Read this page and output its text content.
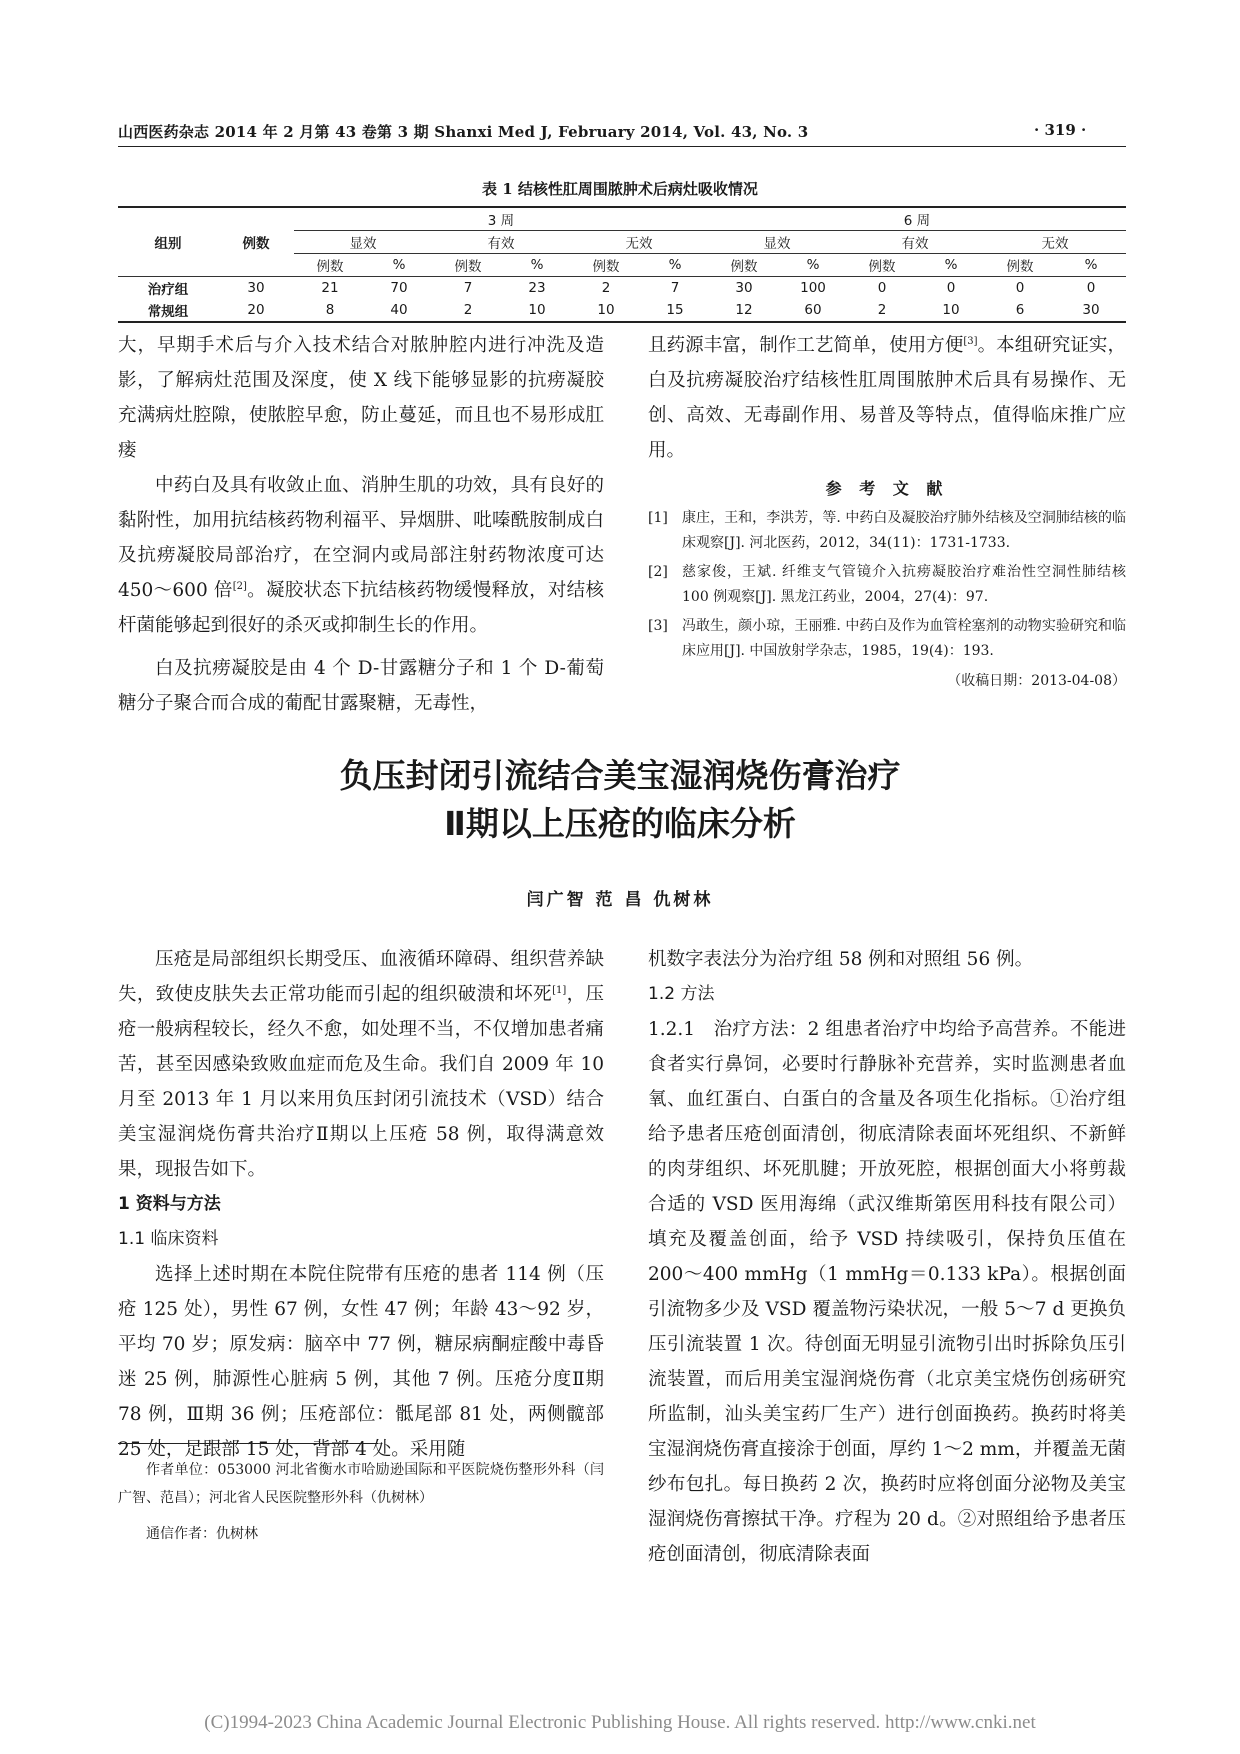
山西医药杂志 2014 年 2 月第 43 卷第 3 期 Shanxi Med J, February 2014, Vol. 43, No. 3	· 319 ·
表 1 结核性肛周围脓肿术后病灶吸收情况
组别	例数	3 周						6 周					
		显效		有效		无效		显效		有效		无效	
		例数	%	例数	%	例数	%	例数	%	例数	%	例数	%
治疗组	30	21	70	7	23	2	7	30	100	0	0	0	0
常规组	20	8	40	2	10	10	15	12	60	2	10	6	30

大，早期手术后与介入技术结合对脓肿腔内进行冲洗及造影，了解病灶范围及深度，使 X 线下能够显影的抗痨凝胶充满病灶腔隙，使脓腔早愈，防止蔓延，而且也不易形成肛瘘

中药白及具有收敛止血、消肿生肌的功效，具有良好的黏附性，加用抗结核药物利福平、异烟肼、吡嗪酰胺制成白及抗痨凝胶局部治疗，在空洞内或局部注射药物浓度可达 450～600 倍[2]。凝胶状态下抗结核药物缓慢释放，对结核杆菌能够起到很好的杀灭或抑制生长的作用。

白及抗痨凝胶是由 4 个 D-甘露糖分子和 1 个 D-葡萄糖分子聚合而合成的葡配甘露聚糖，无毒性，

且药源丰富，制作工艺简单，使用方便[3]。本组研究证实，白及抗痨凝胶治疗结核性肛周围脓肿术后具有易操作、无创、高效、无毒副作用、易普及等特点，值得临床推广应用。

参 考 文 献
[1] 康庄，王和，李洪芳，等. 中药白及凝胶治疗肺外结核及空洞肺结核的临床观察[J]. 河北医药，2012，34(11)：1731-1733.
[2] 慈家俊，王斌. 纤维支气管镜介入抗痨凝胶治疗难治性空洞性肺结核 100 例观察[J]. 黑龙江药业，2004，27(4)：97.
[3] 冯敢生，颜小琼，王丽雅. 中药白及作为血管栓塞剂的动物实验研究和临床应用[J]. 中国放射学杂志，1985，19(4)：193.
（收稿日期：2013-04-08）
负压封闭引流结合美宝湿润烧伤膏治疗
Ⅱ期以上压疮的临床分析
闫广智 范 昌 仇树林

压疮是局部组织长期受压、血液循环障碍、组织营养缺失，致使皮肤失去正常功能而引起的组织破溃和坏死[1]，压疮一般病程较长，经久不愈，如处理不当，不仅增加患者痛苦，甚至因感染致败血症而危及生命。我们自 2009 年 10 月至 2013 年 1 月以来用负压封闭引流技术（VSD）结合美宝湿润烧伤膏共治疗Ⅱ期以上压疮 58 例，取得满意效果，现报告如下。

1 资料与方法

1.1 临床资料

选择上述时期在本院住院带有压疮的患者 114 例（压疮 125 处），男性 67 例，女性 47 例；年龄 43～92 岁，平均 70 岁；原发病：脑卒中 77 例，糖尿病酮症酸中毒昏迷 25 例，肺源性心脏病 5 例，其他 7 例。压疮分度Ⅱ期 78 例，Ⅲ期 36 例；压疮部位：骶尾部 81 处，两侧髋部 25 处，足跟部 15 处，背部 4 处。采用随

作者单位：053000 河北省衡水市哈励逊国际和平医院烧伤整形外科（闫广智、范昌）；河北省人民医院整形外科（仇树林）

通信作者：仇树林

机数字表法分为治疗组 58 例和对照组 56 例。

1.2 方法

1.2.1 治疗方法：2 组患者治疗中均给予高营养。不能进食者实行鼻饲，必要时行静脉补充营养，实时监测患者血氧、血红蛋白、白蛋白的含量及各项生化指标。①治疗组给予患者压疮创面清创，彻底清除表面坏死组织、不新鲜的肉芽组织、坏死肌腱；开放死腔，根据创面大小将剪裁合适的 VSD 医用海绵（武汉维斯第医用科技有限公司）填充及覆盖创面，给予 VSD 持续吸引，保持负压值在 200～400 mmHg（1 mmHg＝0.133 kPa）。根据创面引流物多少及 VSD 覆盖物污染状况，一般 5～7 d 更换负压引流装置 1 次。待创面无明显引流物引出时拆除负压引流装置，而后用美宝湿润烧伤膏（北京美宝烧伤创疡研究所监制，汕头美宝药厂生产）进行创面换药。换药时将美宝湿润烧伤膏直接涂于创面，厚约 1～2 mm，并覆盖无菌纱布包扎。每日换药 2 次，换药时应将创面分泌物及美宝湿润烧伤膏擦拭干净。疗程为 20 d。②对照组给予患者压疮创面清创，彻底清除表面

(C)1994-2023 China Academic Journal Electronic Publishing House. All rights reserved. http://www.cnki.net
